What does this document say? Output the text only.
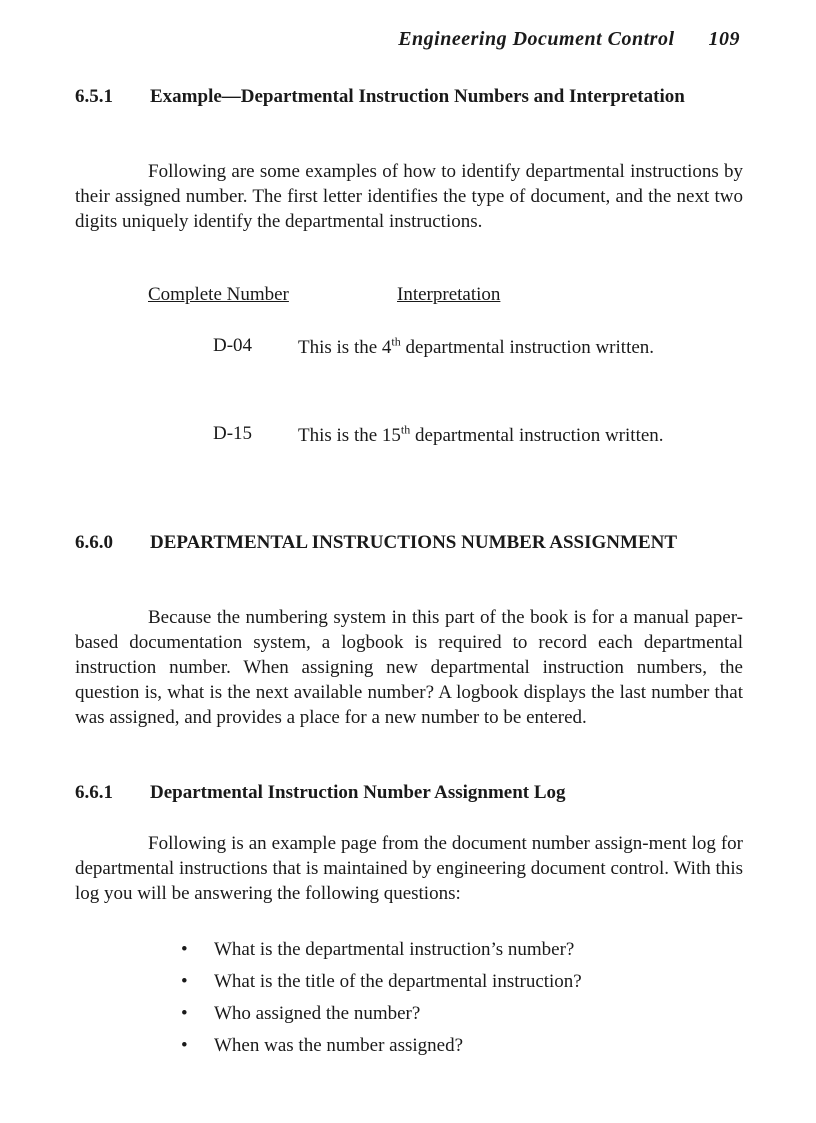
Engineering Document Control 109
6.5.1 Example—Departmental Instruction Numbers and Interpretation
Following are some examples of how to identify departmental instructions by their assigned number. The first letter identifies the type of document, and the next two digits uniquely identify the departmental instructions.
Complete Number	Interpretation
D-04 This is the 4th departmental instruction written.
D-15 This is the 15th departmental instruction written.
6.6.0 DEPARTMENTAL INSTRUCTIONS NUMBER ASSIGNMENT
Because the numbering system in this part of the book is for a manual paper-based documentation system, a logbook is required to record each departmental instruction number. When assigning new departmental instruction numbers, the question is, what is the next available number? A logbook displays the last number that was assigned, and provides a place for a new number to be entered.
6.6.1 Departmental Instruction Number Assignment Log
Following is an example page from the document number assign-ment log for departmental instructions that is maintained by engineering document control. With this log you will be answering the following questions:
• What is the departmental instruction’s number?
• What is the title of the departmental instruction?
• Who assigned the number?
• When was the number assigned?
